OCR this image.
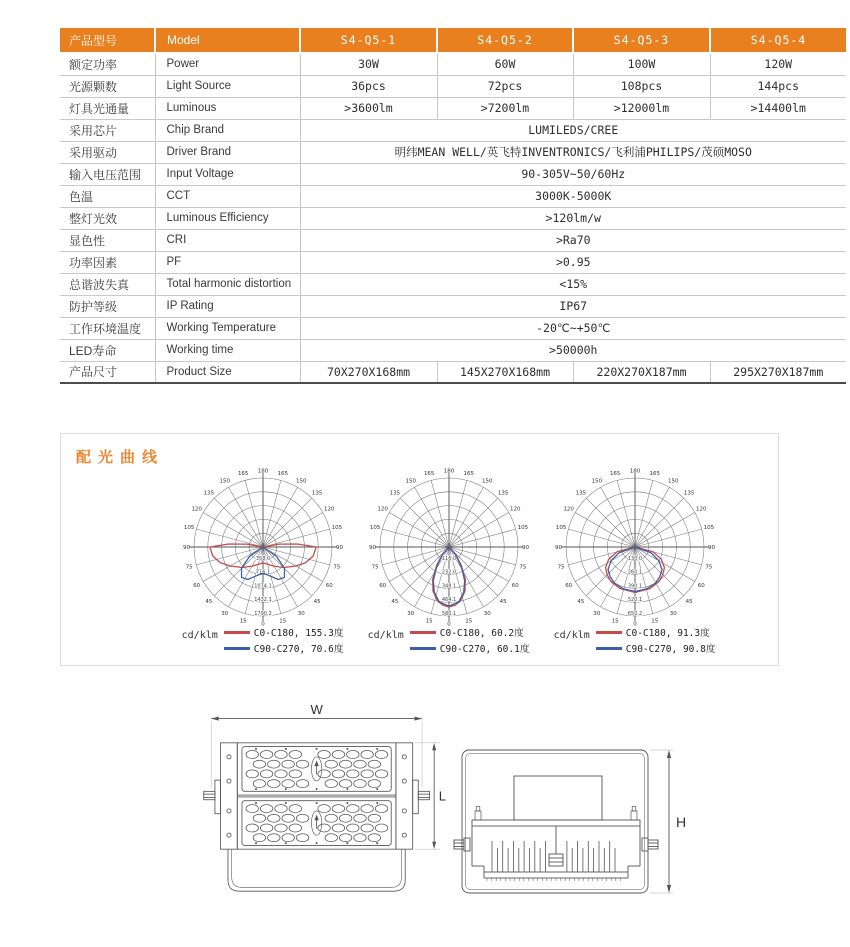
产品型号	Model	S4-Q5-1	S4-Q5-2	S4-Q5-3	S4-Q5-4
额定功率	Power	30W	60W	100W	120W
光源颗数	Light Source	36pcs	72pcs	108pcs	144pcs
灯具光通量	Luminous	>3600lm	>7200lm	>12000lm	>14400lm
采用芯片	Chip Brand	LUMILEDS/CREE			
采用驱动	Driver Brand	明纬MEAN WELL/英飞特INVENTRONICS/飞利浦PHILIPS/茂硕MOSO			
输入电压范围	Input Voltage	90-305V~50/60Hz			
色温	CCT	3000K-5000K			
整灯光效	Luminous Efficiency	>120lm/w			
显色性	CRI	>Ra70			
功率因素	PF	>0.95			
总谐波失真	Total harmonic distortion	<15%			
防护等级	IP Rating	IP67			
工作环境温度	Working Temperature	-20℃~+50℃			
LED寿命	Working time	>50000h			
产品尺寸	Product Size	70X270X168mm	145X270X168mm	220X270X187mm	295X270X187mm
配光曲线
0	15
15
30
30
45
45
60
60
75
75
90
90
105
105
120
120
135
135
150
150
165
165 180
358.0
716.1
1074.1
1432.1
1790.2
cd/klm	C0-C180, 155.3度
C90-C270, 70.6度
0	15
15
30
30
45
45
60
60
75
75
90
90
105
105
120
120
135
135
150
150
165
165 180
116.0
232.0
348.1
464.1
580.1
cd/klm	C0-C180, 60.2度
C90-C270, 60.1度
0	15
15
30
30
45
45
60
60
75
75
90
90
105
105
120
120
135
135
150
150
165
165 180
130.0
260.1
390.1
520.1
650.2
cd/klm	C0-C180, 91.3度
C90-C270, 90.8度
W
L
H
